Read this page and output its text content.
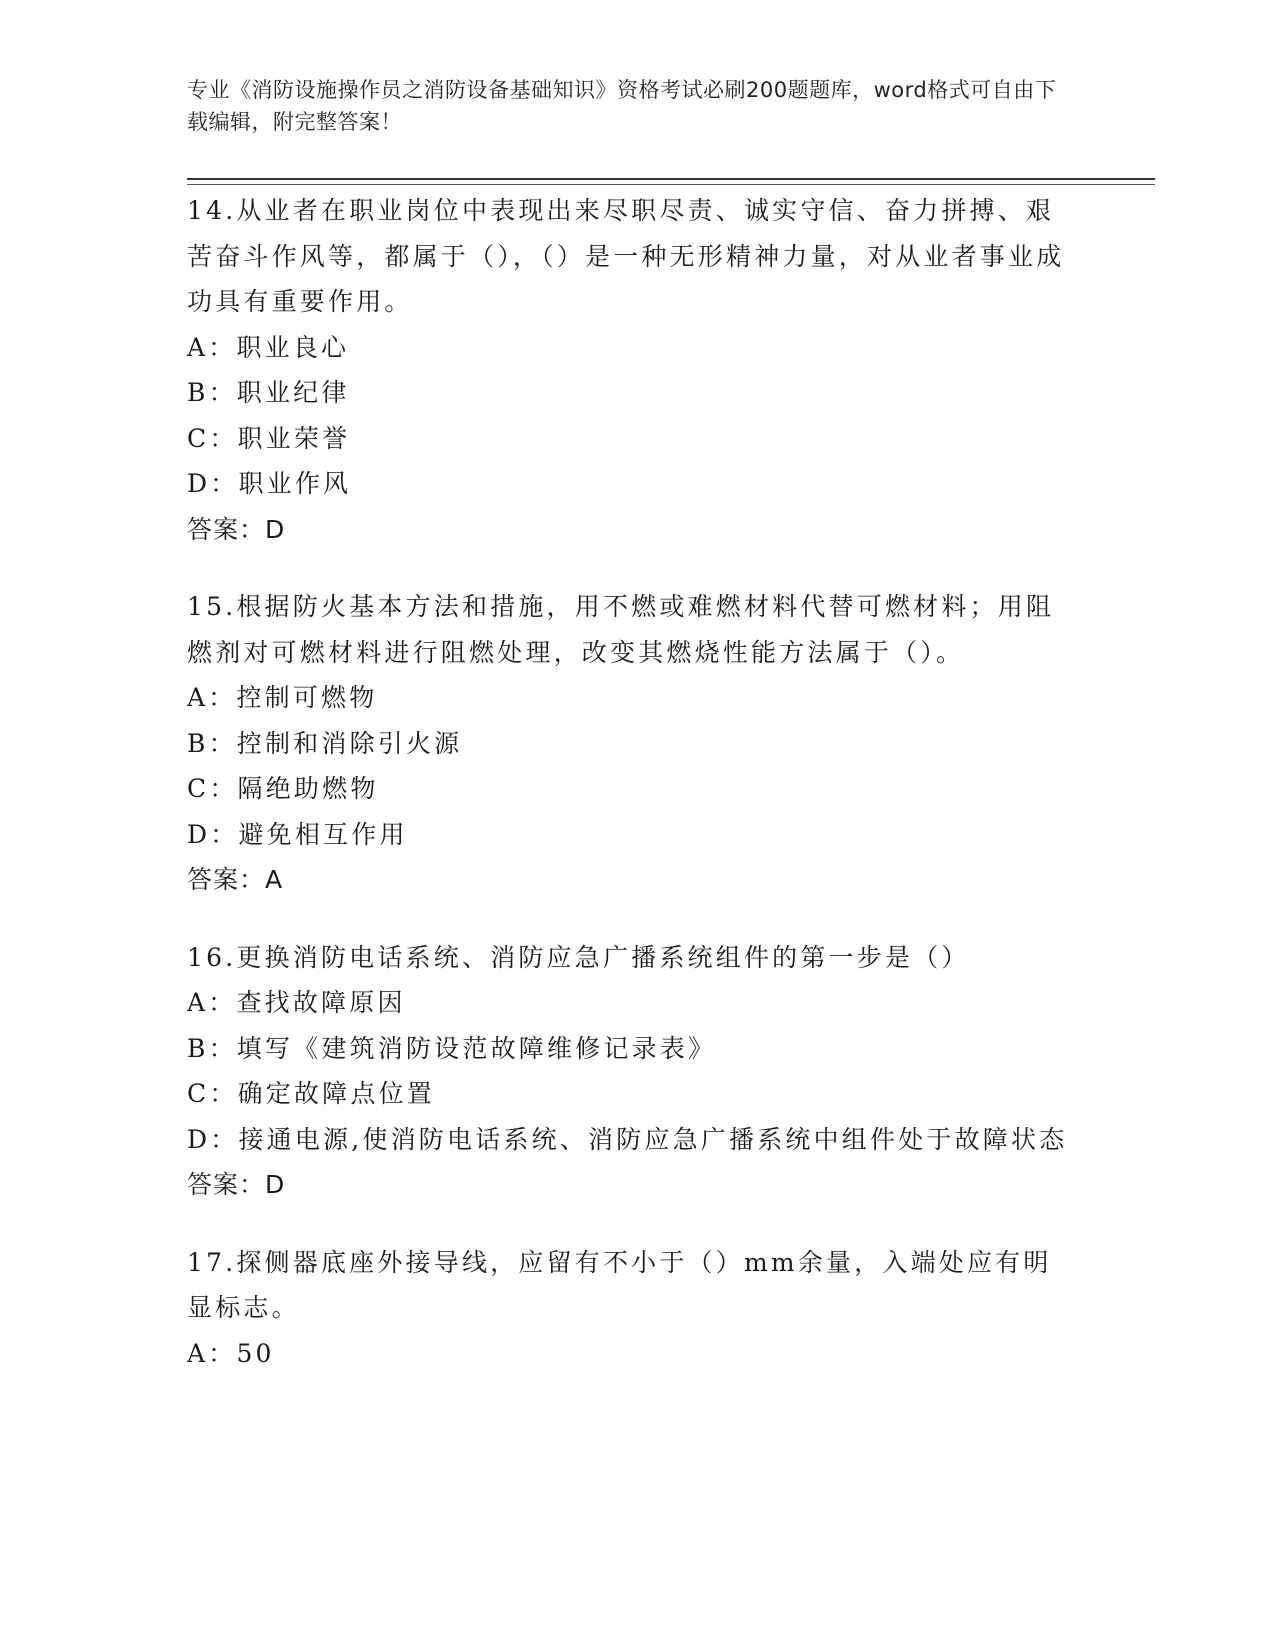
专业《消防设施操作员之消防设备基础知识》资格考试必刷200题题库，word格式可自由下载编辑，附完整答案！

14.从业者在职业岗位中表现出来尽职尽责、诚实守信、奋力拼搏、艰苦奋斗作风等，都属于（），（）是一种无形精神力量，对从业者事业成功具有重要作用。

A：职业良心

B：职业纪律

C：职业荣誉

D：职业作风

答案：D

15.根据防火基本方法和措施，用不燃或难燃材料代替可燃材料；用阻燃剂对可燃材料进行阻燃处理，改变其燃烧性能方法属于（）。

A：控制可燃物

B：控制和消除引火源

C：隔绝助燃物

D：避免相互作用

答案：A

16.更换消防电话系统、消防应急广播系统组件的第一步是（）

A：查找故障原因

B：填写《建筑消防设范故障维修记录表》

C：确定故障点位置

D：接通电源,使消防电话系统、消防应急广播系统中组件处于故障状态

答案：D

17.探侧器底座外接导线，应留有不小于（）mm余量，入端处应有明显标志。

A：50
